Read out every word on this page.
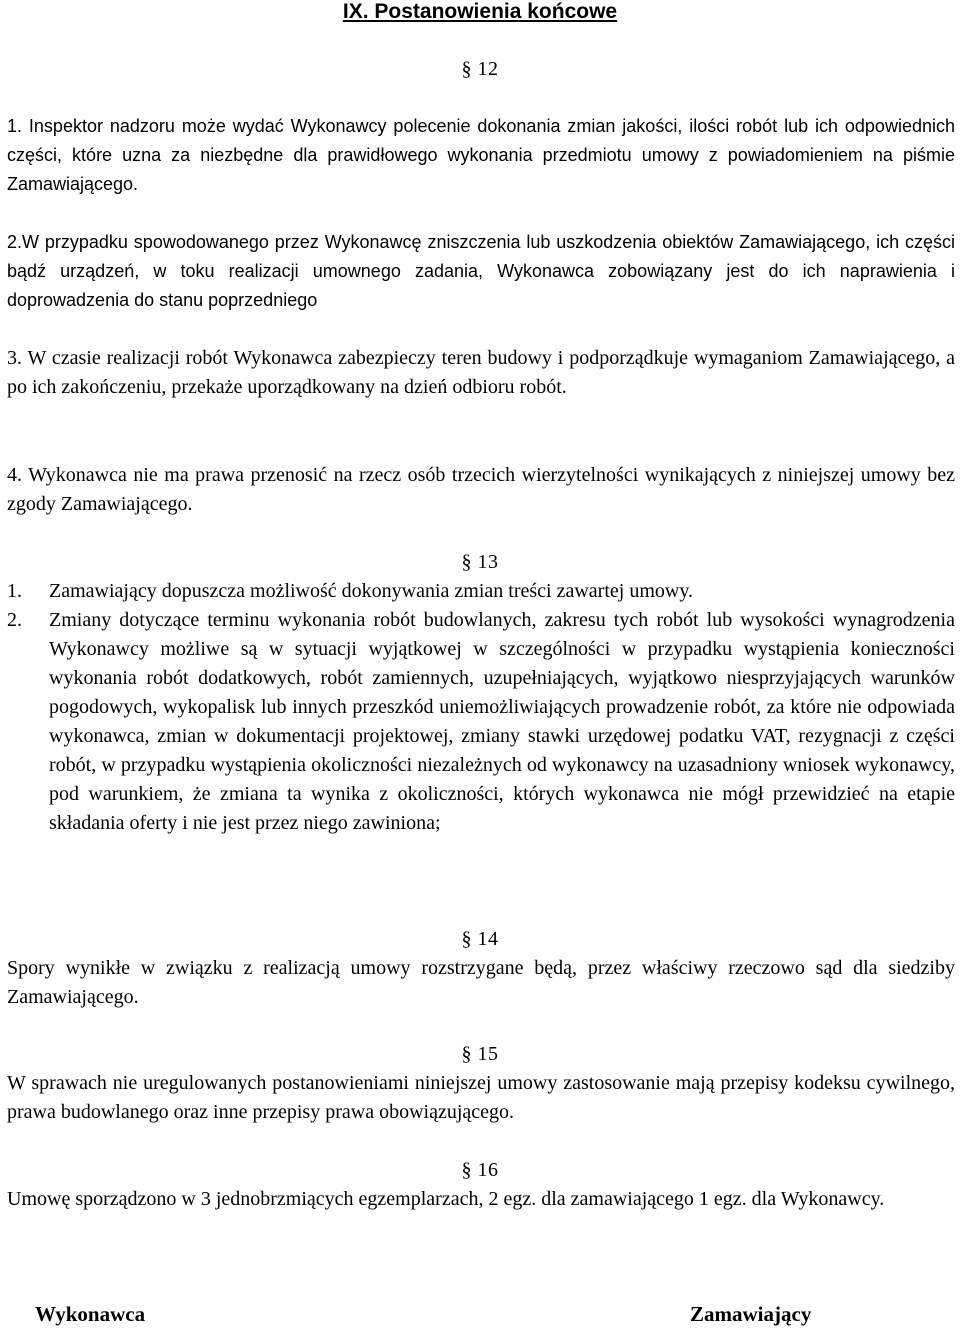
IX. Postanowienia końcowe
§ 12
1. Inspektor nadzoru może wydać Wykonawcy polecenie dokonania zmian jakości, ilości robót lub ich odpowiednich części, które uzna za niezbędne dla prawidłowego wykonania przedmiotu umowy z powiadomieniem na piśmie Zamawiającego.
2.W przypadku spowodowanego przez Wykonawcę zniszczenia lub uszkodzenia obiektów Zamawiającego, ich części bądź urządzeń, w toku realizacji umownego zadania, Wykonawca zobowiązany jest do ich naprawienia i doprowadzenia do stanu poprzedniego
3. W czasie realizacji robót Wykonawca zabezpieczy teren budowy i podporządkuje wymaganiom Zamawiającego, a po ich zakończeniu, przekaże uporządkowany na dzień odbioru robót.
4. Wykonawca nie ma prawa przenosić na rzecz osób trzecich wierzytelności wynikających z niniejszej umowy bez zgody Zamawiającego.
§ 13
1.	Zamawiający dopuszcza możliwość dokonywania zmian treści zawartej umowy.
2.	Zmiany dotyczące terminu wykonania robót budowlanych, zakresu tych robót lub wysokości wynagrodzenia Wykonawcy możliwe są w sytuacji wyjątkowej w szczególności w przypadku wystąpienia konieczności wykonania robót dodatkowych, robót zamiennych, uzupełniających, wyjątkowo niesprzyjających warunków pogodowych, wykopalisk lub innych przeszkód uniemożliwiających prowadzenie robót, za które nie odpowiada wykonawca, zmian w dokumentacji projektowej, zmiany stawki urzędowej podatku VAT, rezygnacji z części robót, w przypadku wystąpienia okoliczności niezależnych od wykonawcy na uzasadniony wniosek wykonawcy, pod warunkiem, że zmiana ta wynika z okoliczności, których wykonawca nie mógł przewidzieć na etapie składania oferty i nie jest przez niego zawiniona;
§ 14
Spory wynikłe w związku z realizacją umowy rozstrzygane będą, przez właściwy rzeczowo sąd dla siedziby Zamawiającego.
§ 15
W sprawach nie uregulowanych postanowieniami niniejszej umowy zastosowanie mają przepisy kodeksu cywilnego, prawa budowlanego oraz inne przepisy prawa obowiązującego.
§ 16
Umowę sporządzono w 3 jednobrzmiących egzemplarzach, 2 egz. dla zamawiającego 1 egz. dla Wykonawcy.
Wykonawca	Zamawiający
